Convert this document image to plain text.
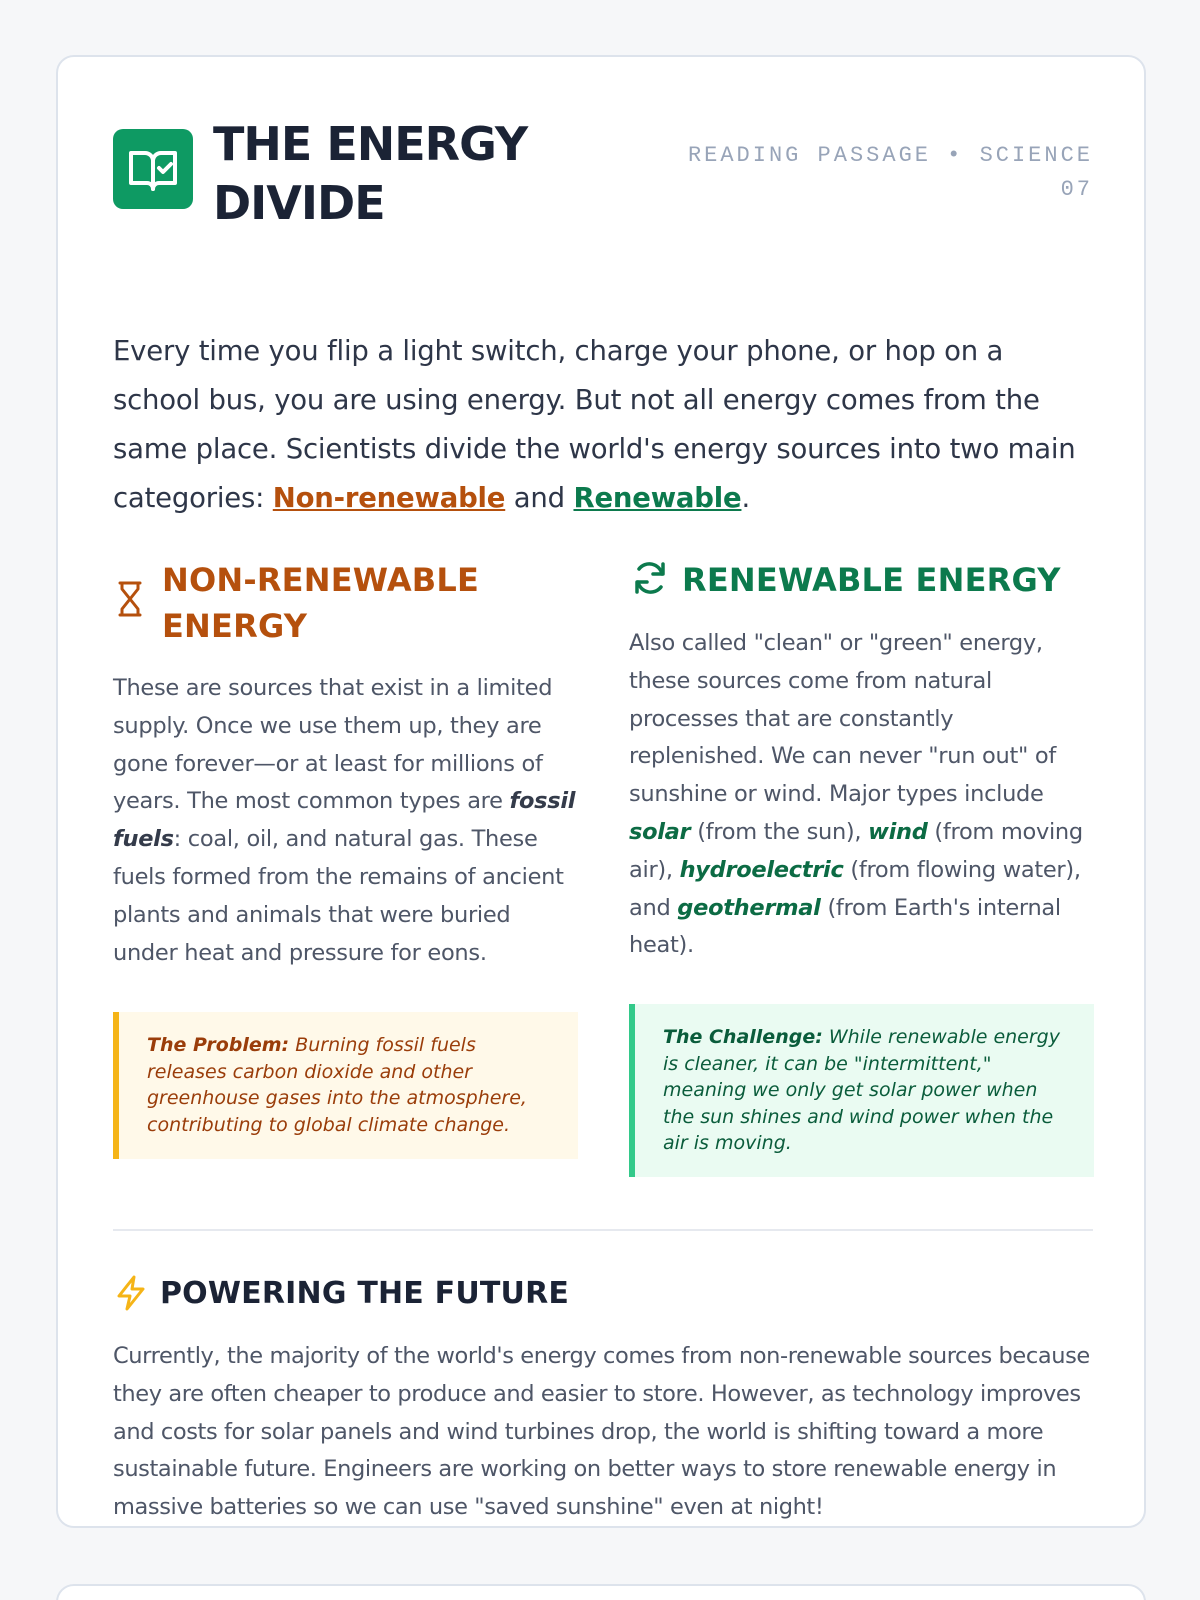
THE ENERGY DIVIDE
READING PASSAGE • SCIENCE 07

Every time you flip a light switch, charge your phone, or hop on a school bus, you are using energy. But not all energy comes from the same place. Scientists divide the world's energy sources into two main categories: Non-renewable and Renewable.

NON-RENEWABLE ENERGY

These are sources that exist in a limited supply. Once we use them up, they are gone forever—or at least for millions of years. The most common types are fossil fuels: coal, oil, and natural gas. These fuels formed from the remains of ancient plants and animals that were buried under heat and pressure for eons.

The Problem: Burning fossil fuels releases carbon dioxide and other greenhouse gases into the atmosphere, contributing to global climate change.
RENEWABLE ENERGY

Also called "clean" or "green" energy, these sources come from natural processes that are constantly replenished. We can never "run out" of sunshine or wind. Major types include solar (from the sun), wind (from moving air), hydroelectric (from flowing water), and geothermal (from Earth's internal heat).

The Challenge: While renewable energy is cleaner, it can be "intermittent," meaning we only get solar power when the sun shines and wind power when the air is moving.
POWERING THE FUTURE

Currently, the majority of the world's energy comes from non-renewable sources because they are often cheaper to produce and easier to store. However, as technology improves and costs for solar panels and wind turbines drop, the world is shifting toward a more sustainable future. Engineers are working on better ways to store renewable energy in massive batteries so we can use "saved sunshine" even at night!
